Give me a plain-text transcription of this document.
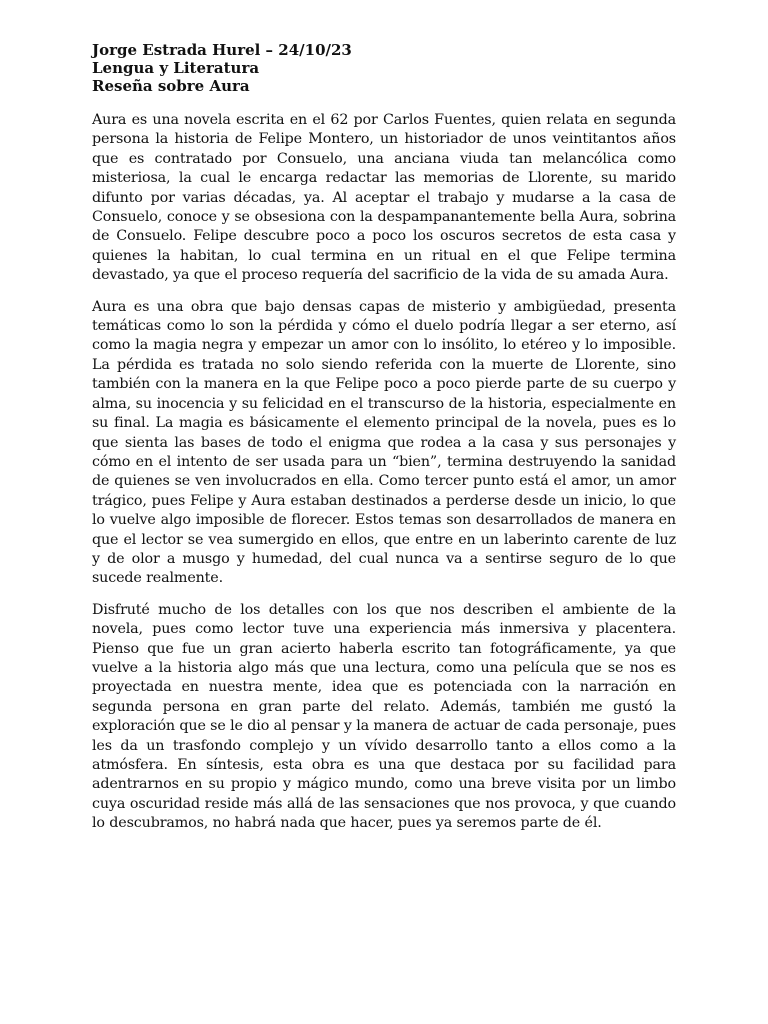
Jorge Estrada Hurel – 24/10/23
Lengua y Literatura
Reseña sobre Aura

Aura es una novela escrita en el 62 por Carlos Fuentes, quien relata en segunda persona la historia de Felipe Montero, un historiador de unos veintitantos años que es contratado por Consuelo, una anciana viuda tan melancólica como misteriosa, la cual le encarga redactar las memorias de Llorente, su marido difunto por varias décadas, ya. Al aceptar el trabajo y mudarse a la casa de Consuelo, conoce y se obsesiona con la despampanantemente bella Aura, sobrina de Consuelo. Felipe descubre poco a poco los oscuros secretos de esta casa y quienes la habitan, lo cual termina en un ritual en el que Felipe termina devastado, ya que el proceso requería del sacrificio de la vida de su amada Aura.

Aura es una obra que bajo densas capas de misterio y ambigüedad, presenta temáticas como lo son la pérdida y cómo el duelo podría llegar a ser eterno, así como la magia negra y empezar un amor con lo insólito, lo etéreo y lo imposible. La pérdida es tratada no solo siendo referida con la muerte de Llorente, sino también con la manera en la que Felipe poco a poco pierde parte de su cuerpo y alma, su inocencia y su felicidad en el transcurso de la historia, especialmente en su final. La magia es básicamente el elemento principal de la novela, pues es lo que sienta las bases de todo el enigma que rodea a la casa y sus personajes y cómo en el intento de ser usada para un “bien”, termina destruyendo la sanidad de quienes se ven involucrados en ella. Como tercer punto está el amor, un amor trágico, pues Felipe y Aura estaban destinados a perderse desde un inicio, lo que lo vuelve algo imposible de florecer. Estos temas son desarrollados de manera en que el lector se vea sumergido en ellos, que entre en un laberinto carente de luz y de olor a musgo y humedad, del cual nunca va a sentirse seguro de lo que sucede realmente.

Disfruté mucho de los detalles con los que nos describen el ambiente de la novela, pues como lector tuve una experiencia más inmersiva y placentera. Pienso que fue un gran acierto haberla escrito tan fotográficamente, ya que vuelve a la historia algo más que una lectura, como una película que se nos es proyectada en nuestra mente, idea que es potenciada con la narración en segunda persona en gran parte del relato. Además, también me gustó la exploración que se le dio al pensar y la manera de actuar de cada personaje, pues les da un trasfondo complejo y un vívido desarrollo tanto a ellos como a la atmósfera. En síntesis, esta obra es una que destaca por su facilidad para adentrarnos en su propio y mágico mundo, como una breve visita por un limbo cuya oscuridad reside más allá de las sensaciones que nos provoca, y que cuando lo descubramos, no habrá nada que hacer, pues ya seremos parte de él.
